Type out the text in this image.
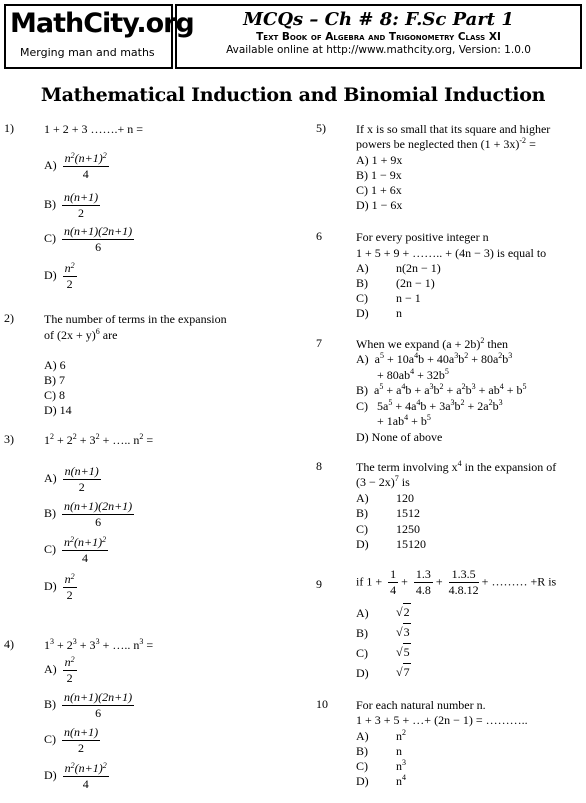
MathCity.org
Merging man and maths
MCQs – Ch # 8: F.Sc Part 1
Text Book of Algebra and Trigonometry Class XI
Available online at http://www.mathcity.org, Version: 1.0.0
Mathematical Induction and Binomial Induction
1)	1 + 2 + 3 …….+ n =
$A) \frac{n^2(n+1)^2}{4}$
$B) \frac{n(n+1)}{2}$
$C) \frac{n(n+1)(2n+1)}{6}$
$D) \frac{n^2}{2}$
2)	The number of terms in the expansion
of $(2x + y)^6$ are
A) 6
B) 7
C) 8
D) 14
3)	$1^2 + 2^2 + 3^2$ + ….. $n^2$ =
$A) \frac{n(n+1)}{2}$
$B) \frac{n(n+1)(2n+1)}{6}$
$C) \frac{n^2(n+1)^2}{4}$
$D) \frac{n^2}{2}$
4)	$1^3 + 2^3 + 3^3$ + ….. $n^3$ =
$A) \frac{n^2}{2}$
$B) \frac{n(n+1)(2n+1)}{6}$
$C) \frac{n(n+1)}{2}$
$D) \frac{n^2(n+1)^2}{4}$
5)	If x is so small that its square and higher
powers be neglected then $(1 + 3x)^{-2}$ =
A) 1 + 9x
B) 1 − 9x
C) 1 + 6x
D) 1 − 6x
6	For every positive integer n
1 + 5 + 9 + …….. + (4n − 3) is equal to
A) n(2n − 1)
B) (2n − 1)
C) n − 1
D) n
7	When we expand $(a + 2b)^2$ then
A)  $a^5 + 10a^4b + 40a^3b^2 + 80a^2b^3$
+ $80ab^4 + 32b^5$
B)  $a^5 + a^4b + a^3b^2 + a^2b^3 + ab^4 + b^5$
C)   $5a^5 + 4a^4b + 3a^3b^2 + 2a^2b^3$
+ $1ab^4 + b^5$
D) None of above
8	The term involving $x^4$ in the expansion of
$(3 - 2x)^7$ is
A) 120
B) 1512
C) 1250
D) 15120
9	if $1 + \frac{1}{4} + \frac{1.3}{4.8} + \frac{1.3.5}{4.8.12}$ + ……… +R is
A) √2
B) √3
C) √5
D) √7
10 For each natural number n.
1 + 3 + 5 + …+ (2n − 1) = ………..
A) $n^2$
B) n
C) $n^3$
D) $n^4$
